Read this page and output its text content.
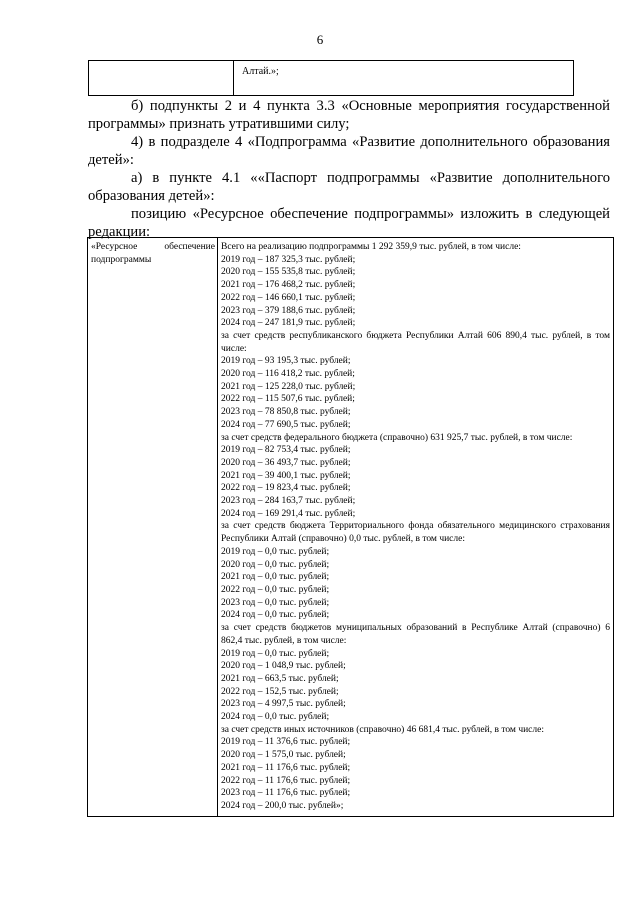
6
Алтай.»;

б) подпункты 2 и 4 пункта 3.3 «Основные мероприятия государственной программы» признать утратившими силу;

4) в подразделе 4 «Подпрограмма «Развитие дополнительного образования детей»:

а) в пункте 4.1 ««Паспорт подпрограммы «Развитие дополнительного образования детей»:

позицию «Ресурсное обеспечение подпрограммы» изложить в следующей редакции:

«Ресурсное обеспечение
подпрограммы
Всего на реализацию подпрограммы 1 292 359,9 тыс. рублей, в том числе:
2019 год – 187 325,3 тыс. рублей;
2020 год – 155 535,8 тыс. рублей;
2021 год – 176 468,2 тыс. рублей;
2022 год – 146 660,1 тыс. рублей;
2023 год – 379 188,6 тыс. рублей;
2024 год – 247 181,9 тыс. рублей;
за счет средств республиканского бюджета Республики Алтай 606 890,4 тыс. рублей, в том числе:
2019 год – 93 195,3 тыс. рублей;
2020 год – 116 418,2 тыс. рублей;
2021 год – 125 228,0 тыс. рублей;
2022 год – 115 507,6 тыс. рублей;
2023 год – 78 850,8 тыс. рублей;
2024 год – 77 690,5 тыс. рублей;
за счет средств федерального бюджета (справочно) 631 925,7 тыс. рублей, в том числе:
2019 год – 82 753,4 тыс. рублей;
2020 год – 36 493,7 тыс. рублей;
2021 год – 39 400,1 тыс. рублей;
2022 год – 19 823,4 тыс. рублей;
2023 год – 284 163,7 тыс. рублей;
2024 год – 169 291,4 тыс. рублей;
за счет средств бюджета Территориального фонда обязательного медицинского страхования Республики Алтай (справочно) 0,0 тыс. рублей, в том числе:
2019 год – 0,0 тыс. рублей;
2020 год – 0,0 тыс. рублей;
2021 год – 0,0 тыс. рублей;
2022 год – 0,0 тыс. рублей;
2023 год – 0,0 тыс. рублей;
2024 год – 0,0 тыс. рублей;
за счет средств бюджетов муниципальных образований в Республике Алтай (справочно) 6 862,4 тыс. рублей, в том числе:
2019 год – 0,0 тыс. рублей;
2020 год – 1 048,9 тыс. рублей;
2021 год – 663,5 тыс. рублей;
2022 год – 152,5 тыс. рублей;
2023 год – 4 997,5 тыс. рублей;
2024 год – 0,0 тыс. рублей;
за счет средств иных источников (справочно) 46 681,4 тыс. рублей, в том числе:
2019 год – 11 376,6 тыс. рублей;
2020 год – 1 575,0 тыс. рублей;
2021 год – 11 176,6 тыс. рублей;
2022 год – 11 176,6 тыс. рублей;
2023 год – 11 176,6 тыс. рублей;
2024 год – 200,0 тыс. рублей»;
